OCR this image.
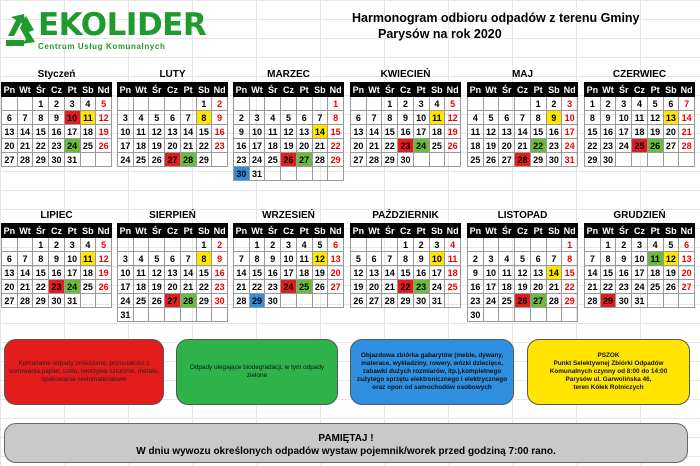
EKOLIDER
Centrum Usług Komunalnych
Harmonogram odbioru odpadów z terenu Gminy
Parysów na rok 2020
Styczeń
Pn	Wt	Śr	Cz	Pt	Sb	Nd
		1	2	3	4	5
6	7	8	9	10	11	12
13	14	15	16	17	18	19
20	21	22	23	24	25	26
27	28	29	30	31		
LUTY
Pn	Wt	Śr	Cz	Pt	Sb	Nd
					1	2
3	4	5	6	7	8	9
10	11	12	13	14	15	16
17	18	19	20	21	22	23
24	25	26	27	28	29	
MARZEC
Pn	Wt	Śr	Cz	Pt	Sb	Nd
						1
2	3	4	5	6	7	8
9	10	11	12	13	14	15
16	17	18	19	20	21	22
23	24	25	26	27	28	29
30	31					
KWIECIEŃ
Pn	Wt	Śr	Cz	Pt	Sb	Nd
		1	2	3	4	5
6	7	8	9	10	11	12
13	14	15	16	17	18	19
20	21	22	23	24	25	26
27	28	29	30			
MAJ
Pn	Wt	Śr	Cz	Pt	Sb	Nd
				1	2	3
4	5	6	7	8	9	10
11	12	13	14	15	16	17
18	19	20	21	22	23	24
25	26	27	28	29	30	31
CZERWIEC
Pn	Wt	Śr	Cz	Pt	Sb	Nd
1	2	3	4	5	6	7
8	9	10	11	12	13	14
15	16	17	18	19	20	21
22	23	24	25	26	27	28
29	30					
LIPIEC
Pn	Wt	Śr	Cz	Pt	Sb	Nd
		1	2	3	4	5
6	7	8	9	10	11	12
13	14	15	16	17	18	19
20	21	22	23	24	25	26
27	28	29	30	31		
SIERPIEŃ
Pn	Wt	Śr	Cz	Pt	Sb	Nd
					1	2
3	4	5	6	7	8	9
10	11	12	13	14	15	16
17	18	19	20	21	22	23
24	25	26	27	28	29	30
31						
WRZESIEŃ
Pn	Wt	Śr	Cz	Pt	Sb	Nd
	1	2	3	4	5	6
7	8	9	10	11	12	13
14	15	16	17	18	19	20
21	22	23	24	25	26	27
28	29	30				
PAŹDZIERNIK
Pn	Wt	Śr	Cz	Pt	Sb	Nd
			1	2	3	4
5	6	7	8	9	10	11
12	13	14	15	16	17	18
19	20	21	22	23	24	25
26	27	28	29	30	31	
LISTOPAD
Pn	Wt	Śr	Cz	Pt	Sb	Nd
						1
2	3	4	5	6	7	8
9	10	11	12	13	14	15
16	17	18	19	20	21	22
23	24	25	26	27	28	29
30						
GRUDZIEŃ
Pn	Wt	Śr	Cz	Pt	Sb	Nd
	1	2	3	4	5	6
7	8	9	10	11	12	13
14	15	16	17	18	19	20
21	22	23	24	25	26	27
28	29	30	31			
Komunalne odpady zmieszane, pozostałości z sortowania,papier, szkło, tworzywa sztuczne, metale, opakowania wielomateriałowe
Odpady ulegające biodegradacji, w tym odpady zielone
Objazdowa zbiórka gabarytów (meble, dywany, materace, wykładziny, rowery, wózki dziecięce, zabawki dużych rozmiarów, itp.),kompletnego zużytego sprzętu elektronicznego i elektrycznego oraz opon od samochodów osobowych
PSZOK
Punkt Selektywnej Zbiórki Odpadów Komunalnych czynny od 8:00 do 14:00
Parysów ul. Garwolińska 46,
teren Kółek Rolniczych
PAMIĘTAJ !
W dniu wywozu określonych odpadów wystaw pojemnik/worek przed godziną 7:00 rano.
